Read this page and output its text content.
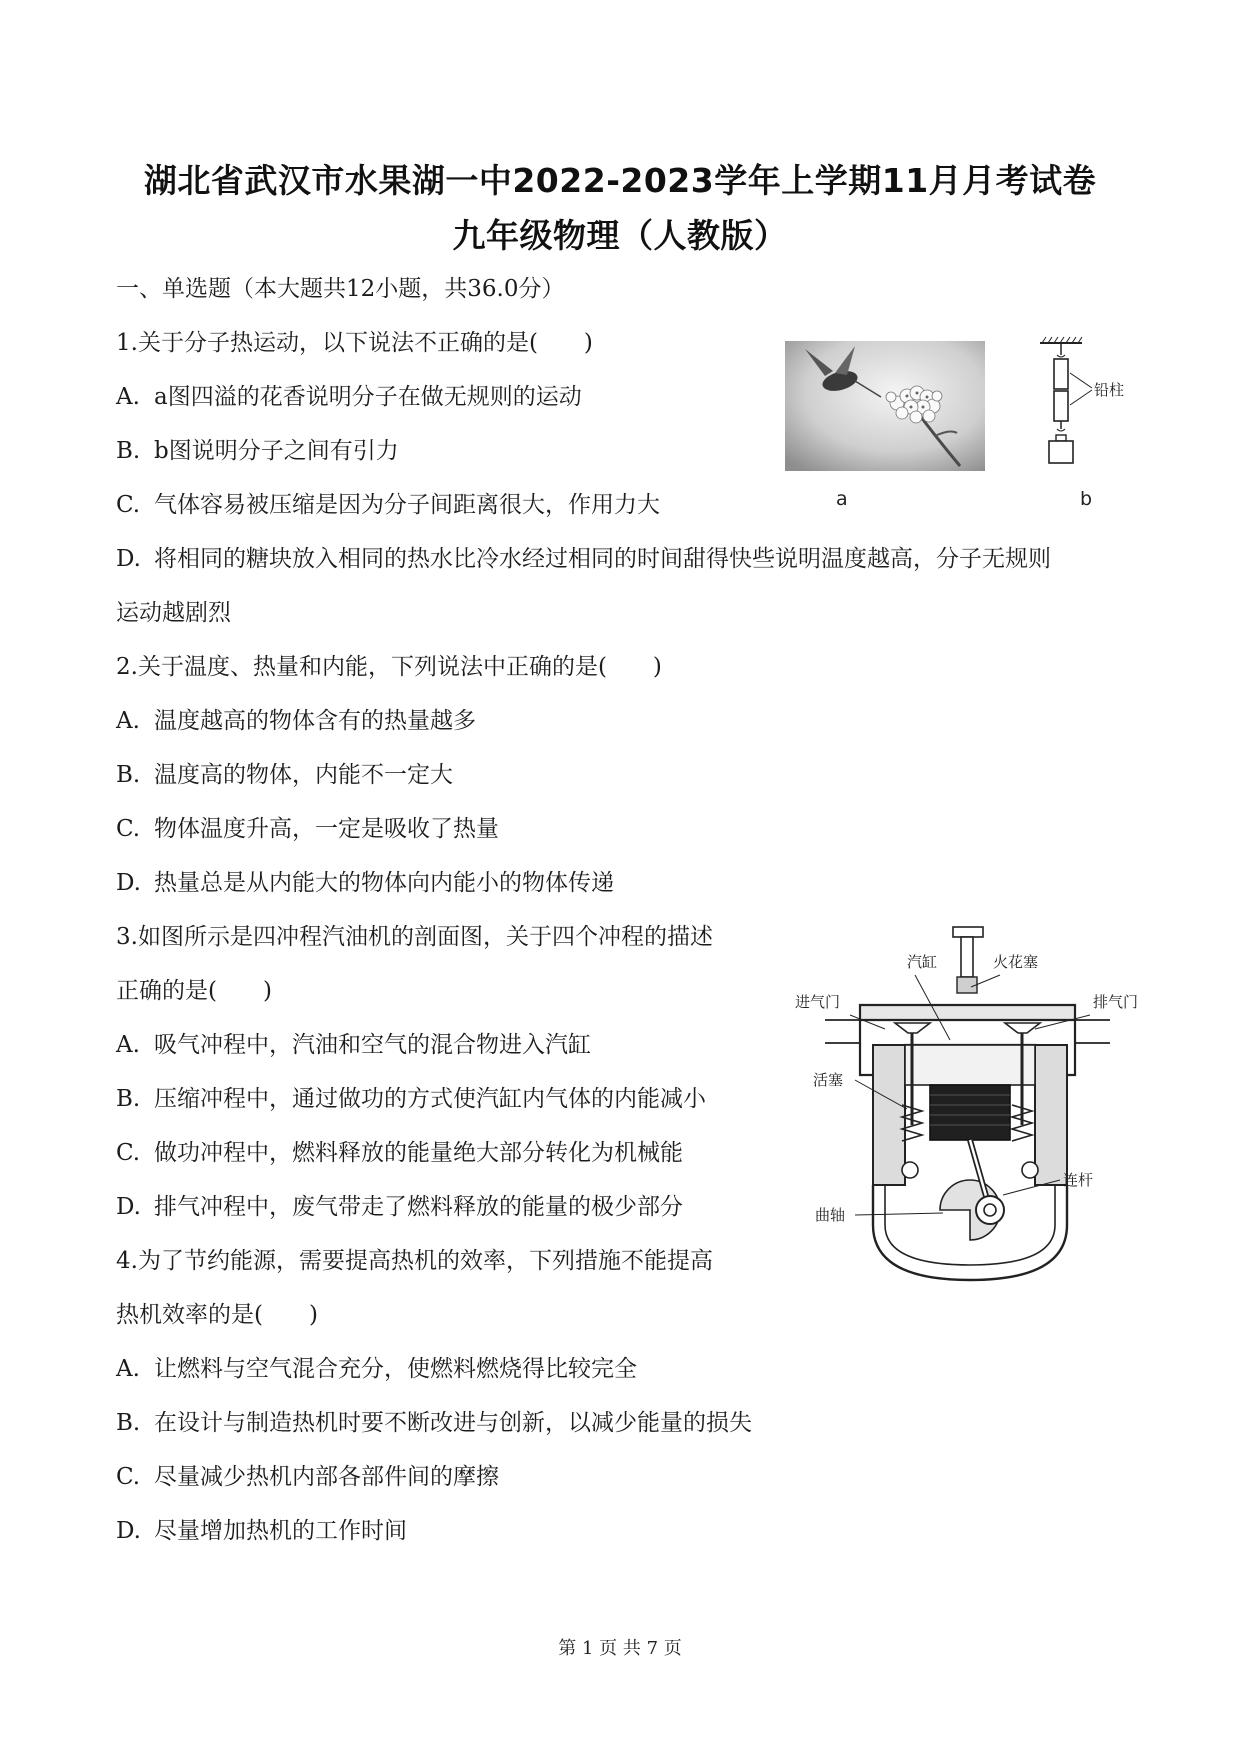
湖北省武汉市水果湖一中2022-2023学年上学期11月月考试卷
九年级物理（人教版）
一、单选题（本大题共12小题，共36.0分）
1.关于分子热运动，以下说法不正确的是(　　)
A. a图四溢的花香说明分子在做无规则的运动
B. b图说明分子之间有引力
C. 气体容易被压缩是因为分子间距离很大，作用力大
D. 将相同的糖块放入相同的热水比冷水经过相同的时间甜得快些说明温度越高，分子无规则
运动越剧烈
2.关于温度、热量和内能，下列说法中正确的是(　　)
A. 温度越高的物体含有的热量越多
B. 温度高的物体，内能不一定大
C. 物体温度升高，一定是吸收了热量
D. 热量总是从内能大的物体向内能小的物体传递
3.如图所示是四冲程汽油机的剖面图，关于四个冲程的描述
正确的是(　　)
A. 吸气冲程中，汽油和空气的混合物进入汽缸
B. 压缩冲程中，通过做功的方式使汽缸内气体的内能减小
C. 做功冲程中，燃料释放的能量绝大部分转化为机械能
D. 排气冲程中，废气带走了燃料释放的能量的极少部分
4.为了节约能源，需要提高热机的效率，下列措施不能提高
热机效率的是(　　)
A. 让燃料与空气混合充分，使燃料燃烧得比较完全
B. 在设计与制造热机时要不断改进与创新，以减少能量的损失
C. 尽量减少热机内部各部件间的摩擦
D. 尽量增加热机的工作时间
a
铅柱
b
汽缸	火花塞
进气门	排气门
活塞
连杆
曲轴
第 1 页 共 7 页
